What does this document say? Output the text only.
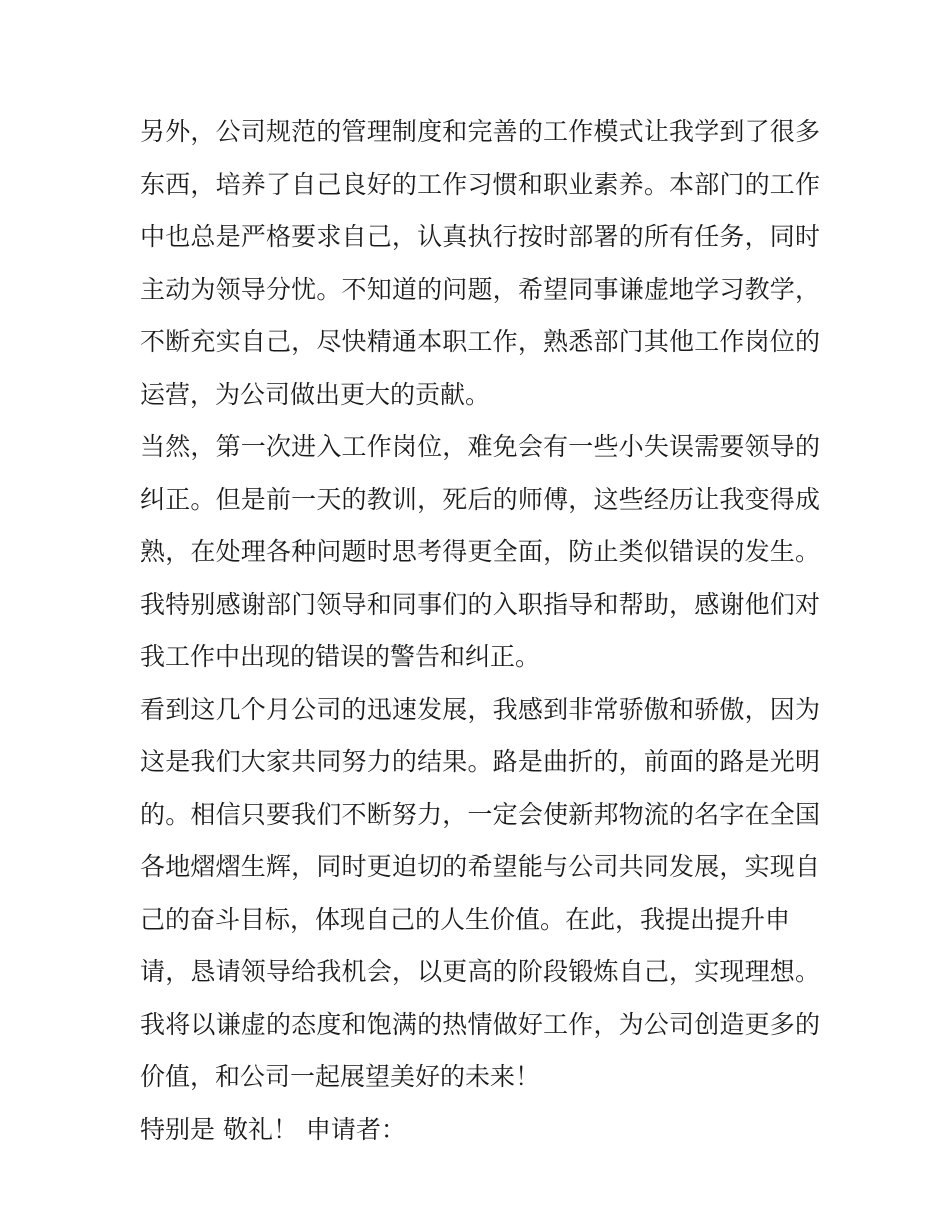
另外，公司规范的管理制度和完善的工作模式让我学到了很多
东西，培养了自己良好的工作习惯和职业素养。本部门的工作
中也总是严格要求自己，认真执行按时部署的所有任务，同时
主动为领导分忧。不知道的问题，希望同事谦虚地学习教学，
不断充实自己，尽快精通本职工作，熟悉部门其他工作岗位的
运营，为公司做出更大的贡献。
当然，第一次进入工作岗位，难免会有一些小失误需要领导的
纠正。但是前一天的教训，死后的师傅，这些经历让我变得成
熟，在处理各种问题时思考得更全面，防止类似错误的发生。
我特别感谢部门领导和同事们的入职指导和帮助，感谢他们对
我工作中出现的错误的警告和纠正。
看到这几个月公司的迅速发展，我感到非常骄傲和骄傲，因为
这是我们大家共同努力的结果。路是曲折的，前面的路是光明
的。相信只要我们不断努力，一定会使新邦物流的名字在全国
各地熠熠生辉，同时更迫切的希望能与公司共同发展，实现自
己的奋斗目标，体现自己的人生价值。在此，我提出提升申
请，恳请领导给我机会，以更高的阶段锻炼自己，实现理想。
我将以谦虚的态度和饱满的热情做好工作，为公司创造更多的
价值，和公司一起展望美好的未来！
特别是 敬礼！ 申请者：
